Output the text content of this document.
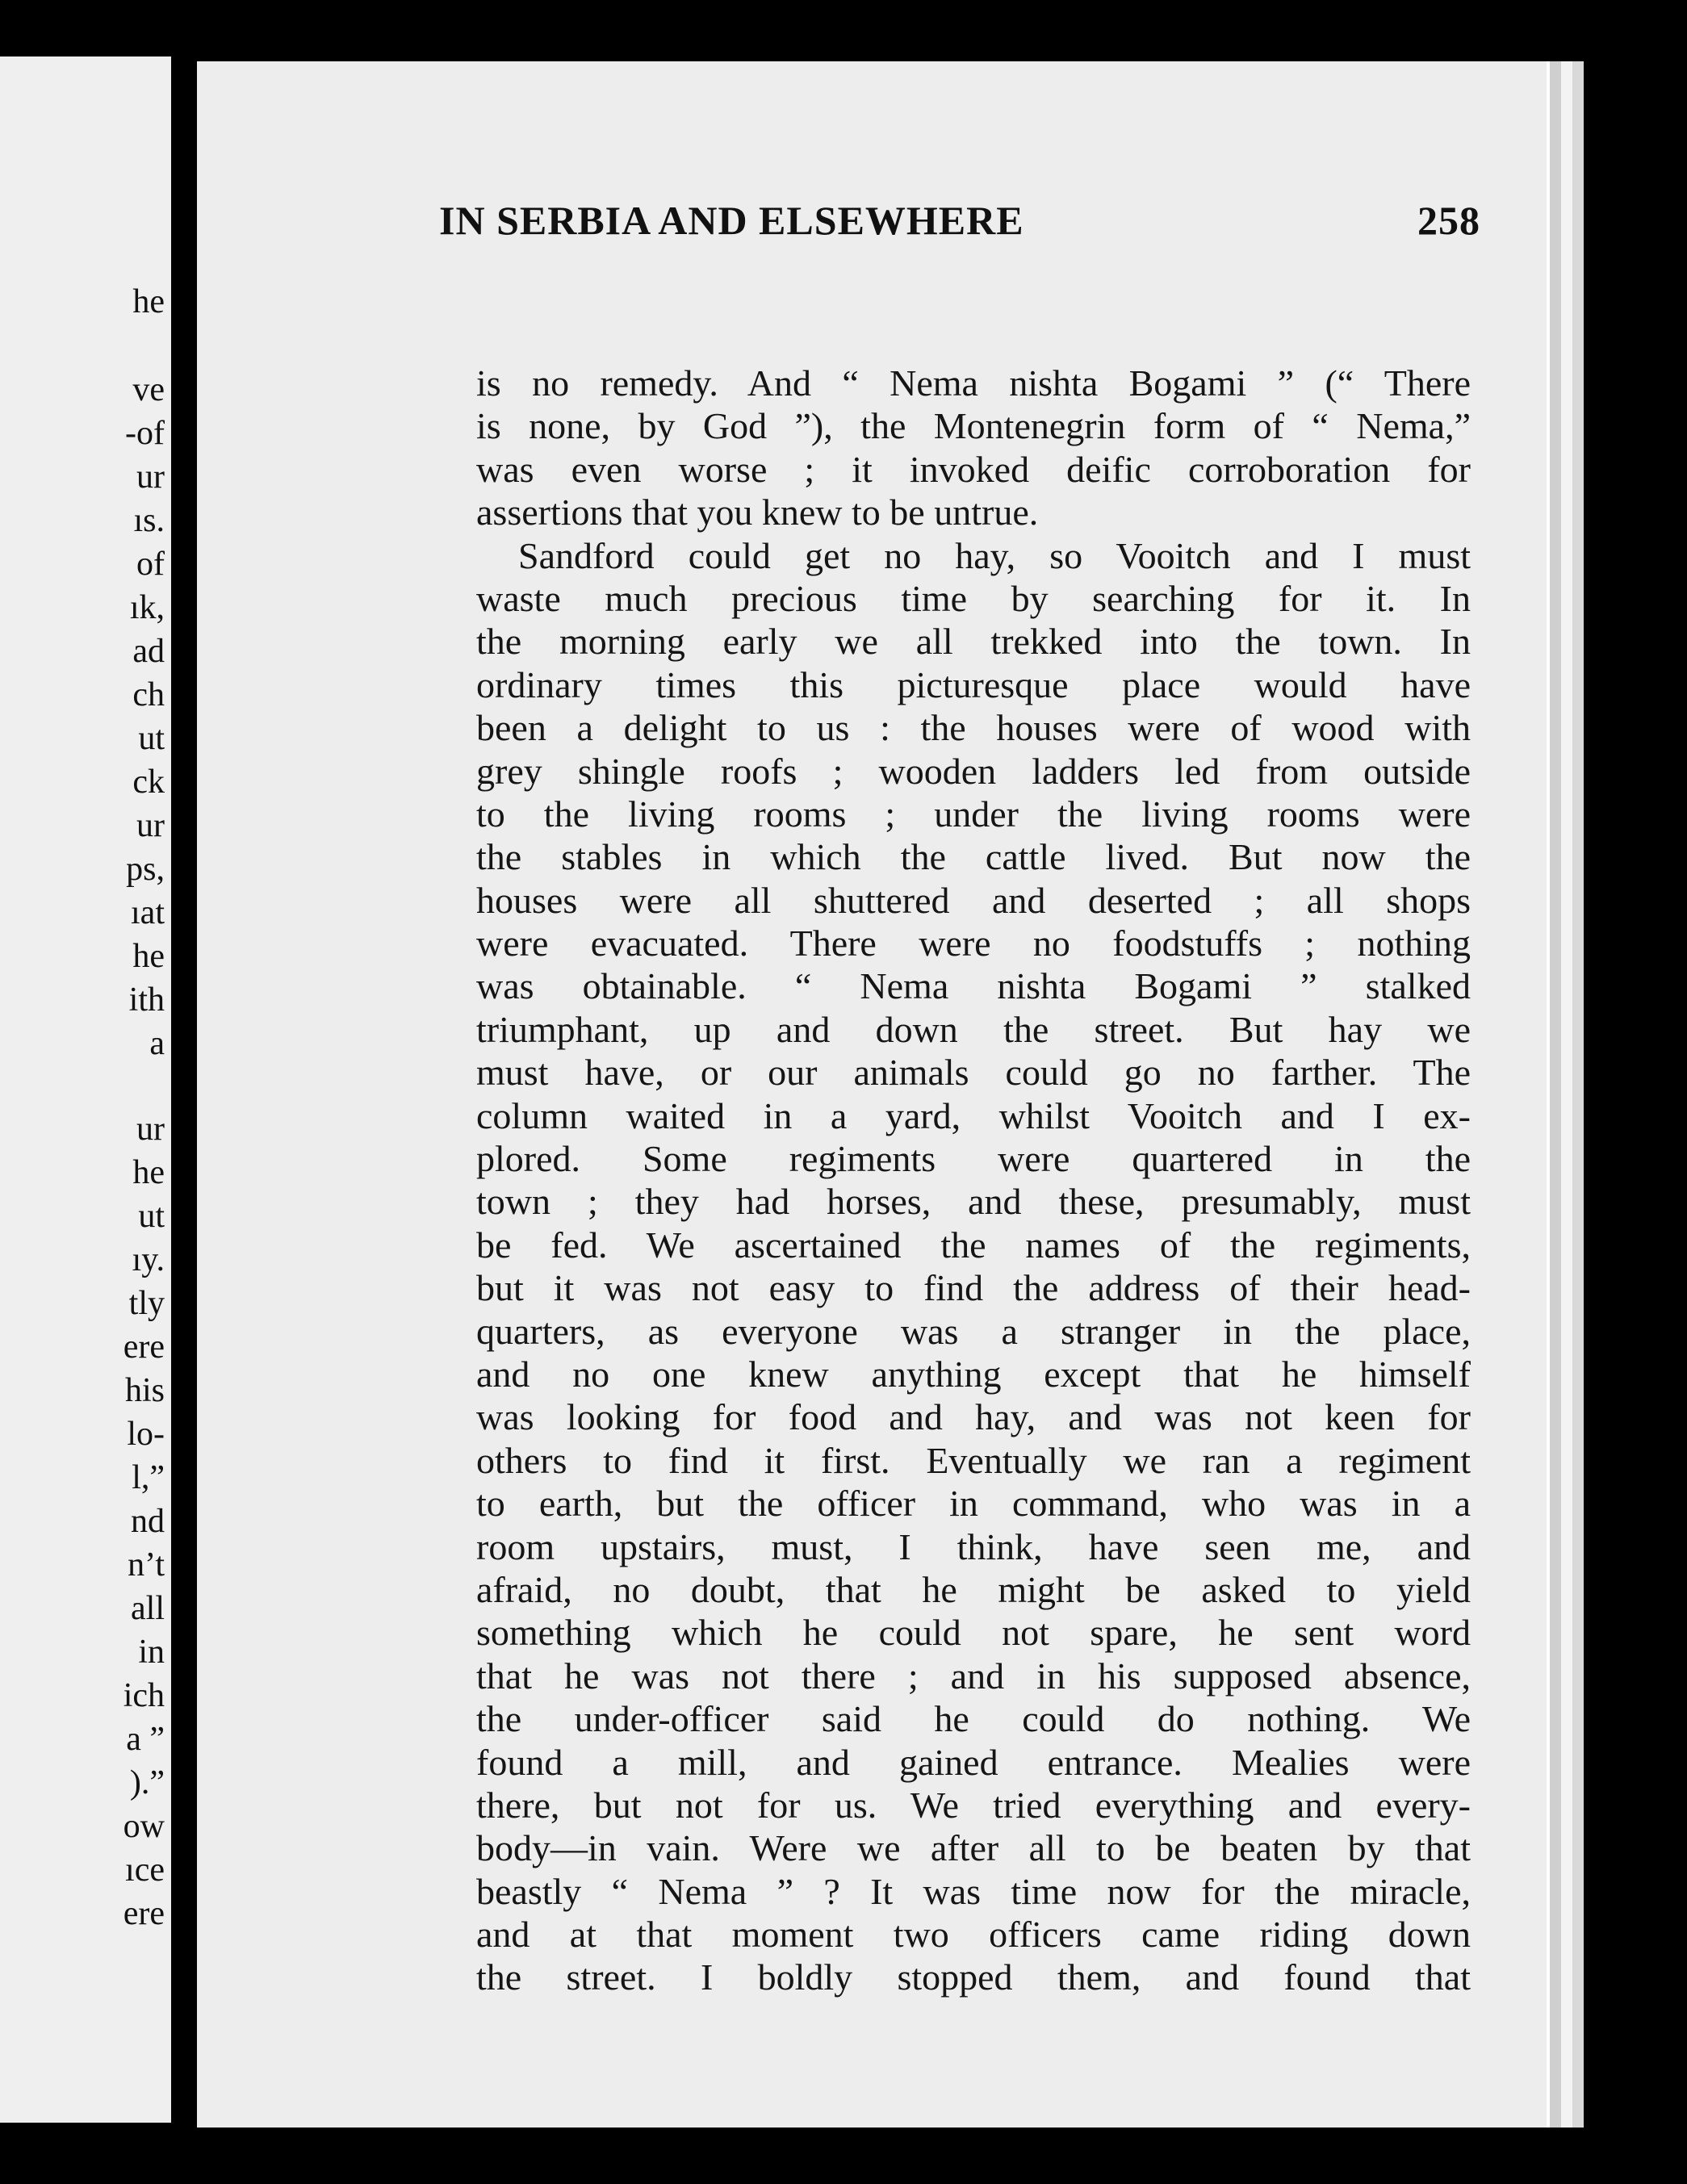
he
ve
-of
ur
ıs.
of
ık,
ad
ch
ut
ck
ur
ps,
ıat
he
ith
a
ur
he
ut
ıy.
tly
ere
his
lo-
l,”
nd
n’t
all
in
ich
a ”
).”
ow
ıce
ere
IN SERBIA AND ELSEWHERE	258
is no remedy. And “ Nema nishta Bogami ” (“ There
is none, by God ”), the Montenegrin form of “ Nema,”
was even worse ; it invoked deific corroboration for
assertions that you knew to be untrue.
Sandford could get no hay, so Vooitch and I must
waste much precious time by searching for it. In
the morning early we all trekked into the town. In
ordinary times this picturesque place would have
been a delight to us : the houses were of wood with
grey shingle roofs ; wooden ladders led from outside
to the living rooms ; under the living rooms were
the stables in which the cattle lived. But now the
houses were all shuttered and deserted ; all shops
were evacuated. There were no foodstuffs ; nothing
was obtainable. “ Nema nishta Bogami ” stalked
triumphant, up and down the street. But hay we
must have, or our animals could go no farther. The
column waited in a yard, whilst Vooitch and I ex-
plored. Some regiments were quartered in the
town ; they had horses, and these, presumably, must
be fed. We ascertained the names of the regiments,
but it was not easy to find the address of their head-
quarters, as everyone was a stranger in the place,
and no one knew anything except that he himself
was looking for food and hay, and was not keen for
others to find it first. Eventually we ran a regiment
to earth, but the officer in command, who was in a
room upstairs, must, I think, have seen me, and
afraid, no doubt, that he might be asked to yield
something which he could not spare, he sent word
that he was not there ; and in his supposed absence,
the under-officer said he could do nothing. We
found a mill, and gained entrance. Mealies were
there, but not for us. We tried everything and every-
body—in vain. Were we after all to be beaten by that
beastly “ Nema ” ? It was time now for the miracle,
and at that moment two officers came riding down
the street. I boldly stopped them, and found that
